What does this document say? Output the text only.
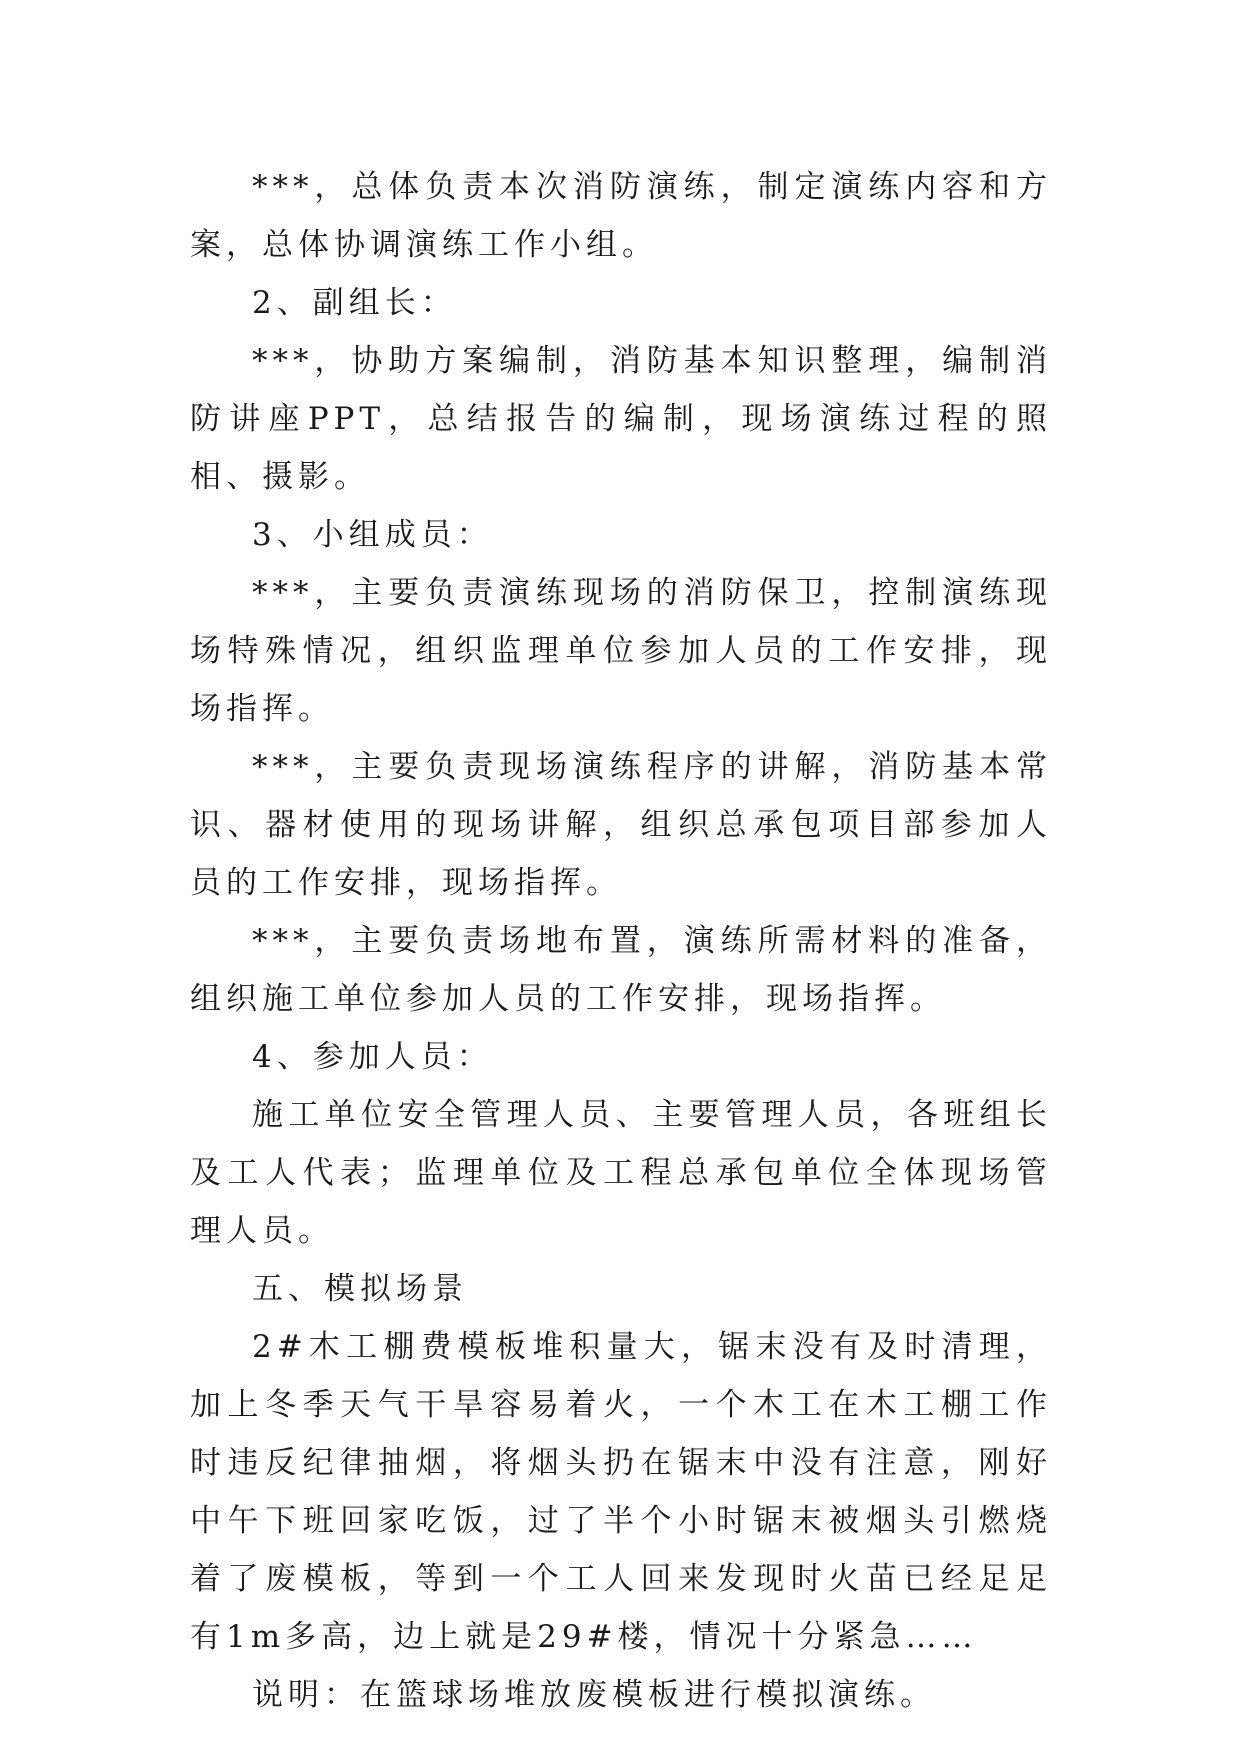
***，总体负责本次消防演练，制定演练内容和方案，总体协调演练工作小组。

2、副组长：

***，协助方案编制，消防基本知识整理，编制消防讲座PPT，总结报告的编制，现场演练过程的照相、摄影。

3、小组成员：

***，主要负责演练现场的消防保卫，控制演练现场特殊情况，组织监理单位参加人员的工作安排，现场指挥。

***，主要负责现场演练程序的讲解，消防基本常识、器材使用的现场讲解，组织总承包项目部参加人员的工作安排，现场指挥。

***，主要负责场地布置，演练所需材料的准备，组织施工单位参加人员的工作安排，现场指挥。

4、参加人员：

施工单位安全管理人员、主要管理人员，各班组长及工人代表；监理单位及工程总承包单位全体现场管理人员。

五、模拟场景

2#木工棚费模板堆积量大，锯末没有及时清理，加上冬季天气干旱容易着火，一个木工在木工棚工作时违反纪律抽烟，将烟头扔在锯末中没有注意，刚好中午下班回家吃饭，过了半个小时锯末被烟头引燃烧着了废模板，等到一个工人回来发现时火苗已经足足有1m多高，边上就是29#楼，情况十分紧急……

说明：在篮球场堆放废模板进行模拟演练。
